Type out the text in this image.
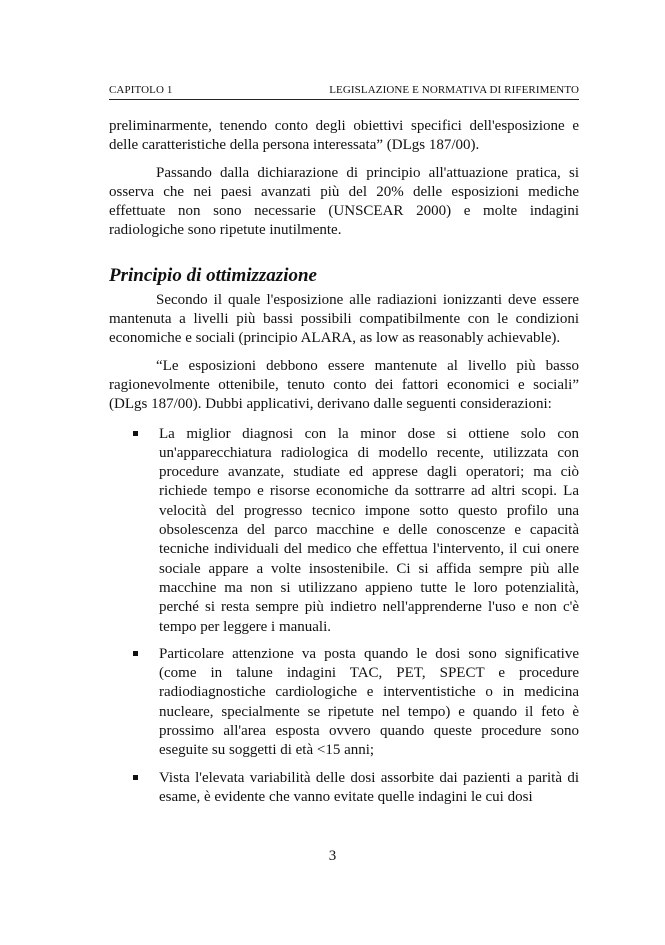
CAPITOLO 1	LEGISLAZIONE E NORMATIVA DI RIFERIMENTO

preliminarmente, tenendo conto degli obiettivi specifici dell'esposizione e delle caratteristiche della persona interessata” (DLgs 187/00).

Passando dalla dichiarazione di principio all'attuazione pratica, si osserva che nei paesi avanzati più del 20% delle esposizioni mediche effettuate non sono necessarie (UNSCEAR 2000) e molte indagini radiologiche sono ripetute inutilmente.

Principio di ottimizzazione

Secondo il quale l'esposizione alle radiazioni ionizzanti deve essere mantenuta a livelli più bassi possibili compatibilmente con le condizioni economiche e sociali (principio ALARA, as low as reasonably achievable).

“Le esposizioni debbono essere mantenute al livello più basso ragionevolmente ottenibile, tenuto conto dei fattori economici e sociali” (DLgs 187/00). Dubbi applicativi, derivano dalle seguenti considerazioni:

La miglior diagnosi con la minor dose si ottiene solo con un'apparecchiatura radiologica di modello recente, utilizzata con procedure avanzate, studiate ed apprese dagli operatori; ma ciò richiede tempo e risorse economiche da sottrarre ad altri scopi. La velocità del progresso tecnico impone sotto questo profilo una obsolescenza del parco macchine e delle conoscenze e capacità tecniche individuali del medico che effettua l'intervento, il cui onere sociale appare a volte insostenibile. Ci si affida sempre più alle macchine ma non si utilizzano appieno tutte le loro potenzialità, perché si resta sempre più indietro nell'apprenderne l'uso e non c'è tempo per leggere i manuali.
Particolare attenzione va posta quando le dosi sono significative (come in talune indagini TAC, PET, SPECT e procedure radiodiagnostiche cardiologiche e interventistiche o in medicina nucleare, specialmente se ripetute nel tempo) e quando il feto è prossimo all'area esposta ovvero quando queste procedure sono eseguite su soggetti di età <15 anni;
Vista l'elevata variabilità delle dosi assorbite dai pazienti a parità di esame, è evidente che vanno evitate quelle indagini le cui dosi
3
